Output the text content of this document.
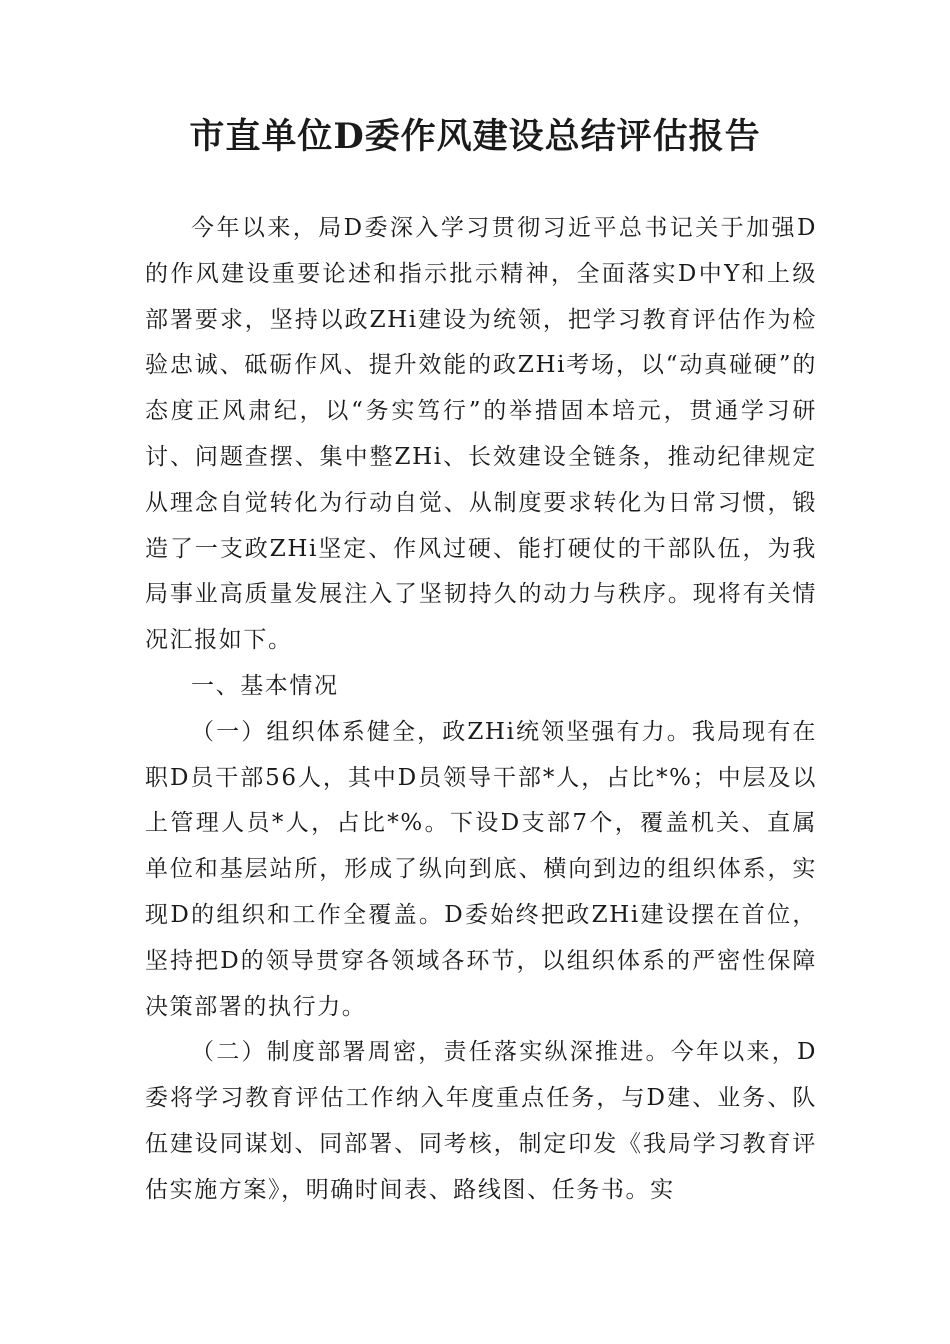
市直单位D委作风建设总结评估报告

今年以来，局D委深入学习贯彻习近平总书记关于加强D的作风建设重要论述和指示批示精神，全面落实D中Y和上级部署要求，坚持以政ZHi建设为统领，把学习教育评估作为检验忠诚、砥砺作风、提升效能的政ZHi考场，以“动真碰硬”的态度正风肃纪，以“务实笃行”的举措固本培元，贯通学习研讨、问题查摆、集中整ZHi、长效建设全链条，推动纪律规定从理念自觉转化为行动自觉、从制度要求转化为日常习惯，锻造了一支政ZHi坚定、作风过硬、能打硬仗的干部队伍，为我局事业高质量发展注入了坚韧持久的动力与秩序。现将有关情况汇报如下。

一、基本情况

（一）组织体系健全，政ZHi统领坚强有力。我局现有在职D员干部56人，其中D员领导干部*人，占比*%；中层及以上管理人员*人，占比*%。下设D支部7个，覆盖机关、直属单位和基层站所，形成了纵向到底、横向到边的组织体系，实现D的组织和工作全覆盖。D委始终把政ZHi建设摆在首位，坚持把D的领导贯穿各领域各环节，以组织体系的严密性保障决策部署的执行力。

（二）制度部署周密，责任落实纵深推进。今年以来，D委将学习教育评估工作纳入年度重点任务，与D建、业务、队伍建设同谋划、同部署、同考核，制定印发《我局学习教育评估实施方案》，明确时间表、路线图、任务书。实
